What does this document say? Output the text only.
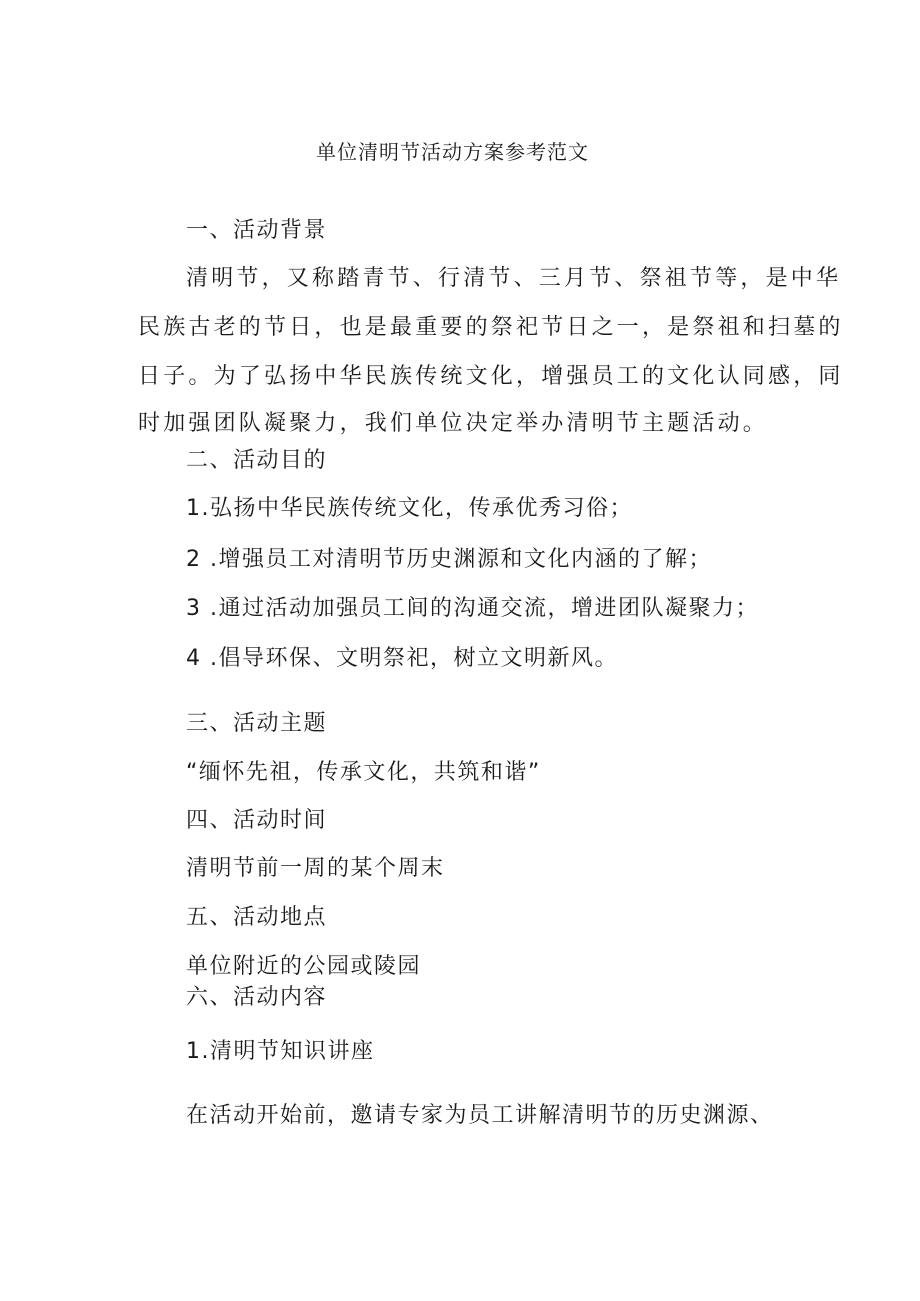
单位清明节活动方案参考范文
一、活动背景
清明节，又称踏青节、行清节、三月节、祭祖节等，是中华
民族古老的节日，也是最重要的祭祀节日之一，是祭祖和扫墓的
日子。为了弘扬中华民族传统文化，增强员工的文化认同感，同
时加强团队凝聚力，我们单位决定举办清明节主题活动。
二、活动目的
1.弘扬中华民族传统文化，传承优秀习俗；
2 .增强员工对清明节历史渊源和文化内涵的了解；
3 .通过活动加强员工间的沟通交流，增进团队凝聚力；
4 .倡导环保、文明祭祀，树立文明新风。
三、活动主题
“缅怀先祖，传承文化，共筑和谐”
四、活动时间
清明节前一周的某个周末
五、活动地点
单位附近的公园或陵园
六、活动内容
1.清明节知识讲座
在活动开始前，邀请专家为员工讲解清明节的历史渊源、
